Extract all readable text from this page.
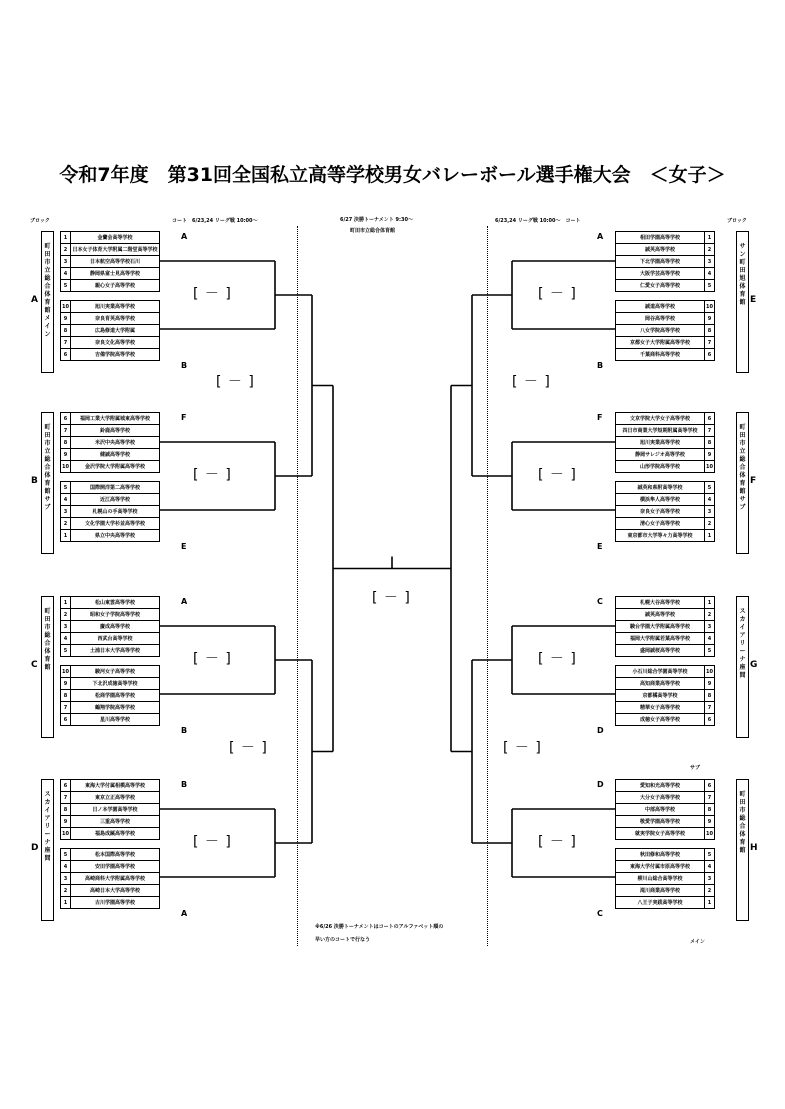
令和7年度　第31回全国私立高等学校男女バレーボール選手権大会　＜女子＞
ブロック	コート　6/23,24 リーグ戦 10:00～	6/27 決勝トーナメント 9:30～
町田市立総合体育館
6/23,24 リーグ戦 10:00～　コート	ブロック
※6/26 決勝トーナメントはコートのアルファベット順の
早い方のコートで行なう
サブ
メイン
1	金蘭会高等学校
2	日本女子体育大学附属二階堂高等学校
3	日本航空高等学校石川
4	静岡県富士見高等学校
5	親心女子高等学校

10	旭川実業高等学校
9	奈良育英高等学校
8	広島修道大学附属
7	奈良文化高等学校
6	吉備学院高等学校
町
田
市
立
総
合
体
育
館
メ
イ
ン
A
A
B
[ － ]
6	福岡工業大学附属城東高等学校
7	鈴鹿高等学校
8	米沢中央高等学校
9	健誠高等学校
10	金沢学院大学附属高等学校

5	国際開洋第二高等学校
4	近江高等学校
3	札幌山の手高等学校
2	文化学園大学杉並高等学校
1	県立中央高等学校
町
田
市
立
総
合
体
育
館
サ
ブ
B
F
E
[ － ]
1	松山東雲高等学校
2	昭和女子学院高等学校
3	慶成高等学校
4	西武台高等学校
5	土浦日本大学高等学校

10	駿河女子高等学校
9	下北沢成徳高等学校
8	松商学園高等学校
7	鶴翔学院高等学校
6	星川高等学校
町
田
市
総
合
体
育
館
C
A
B
[ － ]
6	東海大学付属相模高等学校
7	東京立正高等学校
8	日ノ本学園高等学校
9	三重高等学校
10	福島成蹊高等学校

5	松本国際高等学校
4	安田学園高等学校
3	高崎商科大学附属高等学校
2	高崎日本大学高等学校
1	古川学園高等学校
ス
カ
イ
ア
リ
ー
ナ
座
間
D
B
A
[ － ]
相田学園高等学校	1
誠英高等学校	2
下北学園高等学校	3
大阪学芸高等学校	4
仁愛女子高等学校	5

誠道高等学校	10
岡谷高等学校	9
八女学院高等学校	8
京都女子大学附属高等学校	7
千葉商科高等学校	6
サ
ン
町
田
旭
体
育
館 E
A
B
[ － ]
文京学院大学女子高等学校	6
四日市商業大学短期附属高等学校	7
旭川実業高等学校	8
静岡サレジオ高等学校	9
山形学院高等学校	10

誠英和県附高等学校	5
横浜隼人高等学校	4
奈良女子高等学校	3
清心女子高等学校	2
東京都市大学等々力高等学校	1
町
田
市
立
総
合
体
育
館
サ
ブ
F
F
E
[ － ]
札幌大谷高等学校	1
誠英高等学校	2
駿台学園大学附属高等学校	3
福岡大学附属若葉高等学校	4
盛岡誠桜高等学校	5

小石川総合学園高等学校	10
高知商業高等学校	9
京都橘高等学校	8
精華女子高等学校	7
成徳女子高等学校	6
ス
カ
イ
ア
リ
ー
ナ
座
間
G
C
D
[ － ]
愛知和光高等学校	6
大分女子高等学校	7
中部高等学校	8
敬愛学園高等学校	9
就実学院女子高等学校	10

秋田修和高等学校	5
東海大学付属市原高等学校	4
柳川山総合高等学校	3
滝川商業高等学校	2
八王子実践高等学校	1
町
田
市
総
合
体
育
館 H
D
C
[ － ]
[ － ]
[ － ]
[ － ]
[ － ]
[ － ]
